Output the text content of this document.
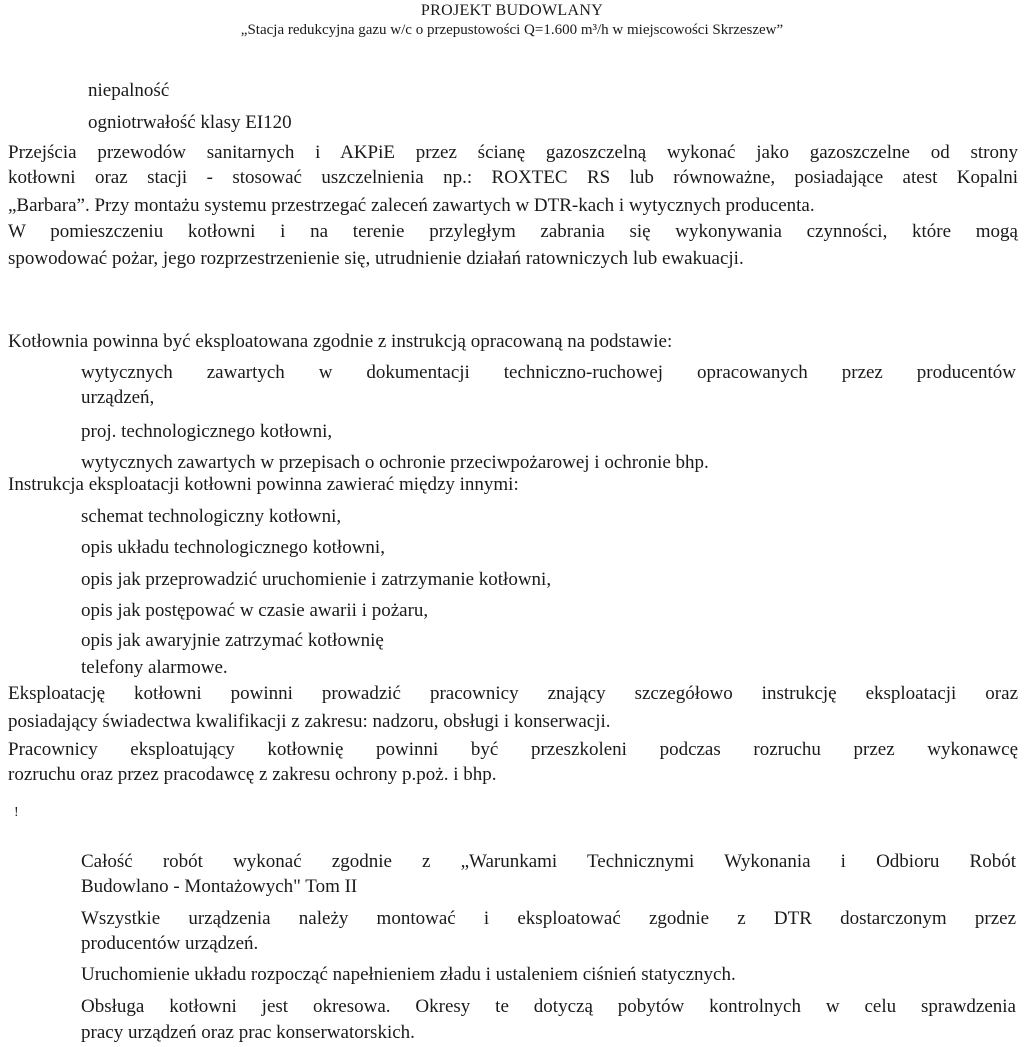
PROJEKT BUDOWLANY
„Stacja redukcyjna gazu w/c o przepustowości Q=1.600 m³/h w miejscowości Skrzeszew”
niepalność
ogniotrwałość klasy EI120
Przejścia przewodów sanitarnych i AKPiE przez ścianę gazoszczelną wykonać jako gazoszczelne od strony
kotłowni oraz stacji - stosować uszczelnienia np.: ROXTEC RS lub równoważne, posiadające atest Kopalni
„Barbara”. Przy montażu systemu przestrzegać zaleceń zawartych w DTR-kach i wytycznych producenta.
W pomieszczeniu kotłowni i na terenie przyległym zabrania się wykonywania czynności, które mogą
spowodować pożar, jego rozprzestrzenienie się, utrudnienie działań ratowniczych lub ewakuacji.
Kotłownia powinna być eksploatowana zgodnie z instrukcją opracowaną na podstawie:
wytycznych zawartych w dokumentacji techniczno-ruchowej opracowanych przez producentów
urządzeń,
proj. technologicznego kotłowni,
wytycznych zawartych w przepisach o ochronie przeciwpożarowej i ochronie bhp.
Instrukcja eksploatacji kotłowni powinna zawierać między innymi:
schemat technologiczny kotłowni,
opis układu technologicznego kotłowni,
opis jak przeprowadzić uruchomienie i zatrzymanie kotłowni,
opis jak postępować w czasie awarii i pożaru,
opis jak awaryjnie zatrzymać kotłownię
telefony alarmowe.
Eksploatację kotłowni powinni prowadzić pracownicy znający szczegółowo instrukcję eksploatacji oraz
posiadający świadectwa kwalifikacji z zakresu: nadzoru, obsługi i konserwacji.
Pracownicy eksploatujący kotłownię powinni być przeszkoleni podczas rozruchu przez wykonawcę
rozruchu oraz przez pracodawcę z zakresu ochrony p.poż. i bhp.
!
Całość robót wykonać zgodnie z „Warunkami Technicznymi Wykonania i Odbioru Robót
Budowlano - Montażowych" Tom II
Wszystkie urządzenia należy montować i eksploatować zgodnie z DTR dostarczonym przez
producentów urządzeń.
Uruchomienie układu rozpocząć napełnieniem zładu i ustaleniem ciśnień statycznych.
Obsługa kotłowni jest okresowa. Okresy te dotyczą pobytów kontrolnych w celu sprawdzenia
pracy urządzeń oraz prac konserwatorskich.
